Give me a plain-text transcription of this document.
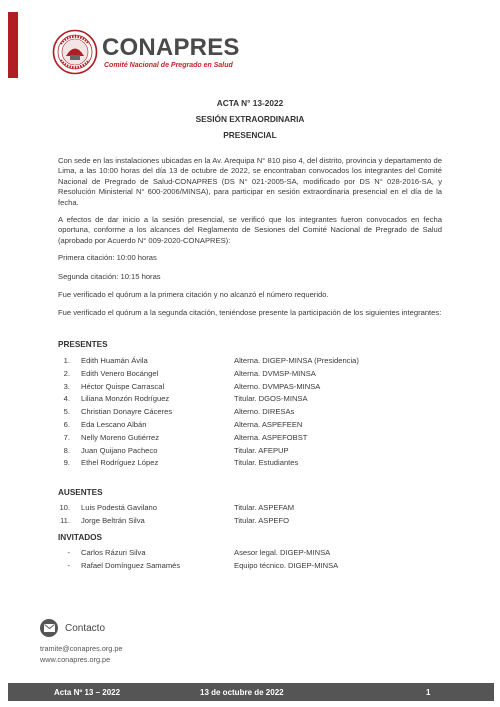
CONAPRES
Comité Nacional de Pregrado en Salud
ACTA N° 13-2022
SESIÓN EXTRAORDINARIA
PRESENCIAL

Con sede en las instalaciones ubicadas en la Av. Arequipa N° 810 piso 4, del distrito, provincia y departamento de Lima, a las 10:00 horas del día 13 de octubre de 2022, se encontraban convocados los integrantes del Comité Nacional de Pregrado de Salud-CONAPRES (DS N° 021-2005-SA, modificado por DS N° 028-2016-SA, y Resolución Ministerial N° 600-2006/MINSA), para participar en sesión extraordinaria presencial en el día de la fecha.

A efectos de dar inicio a la sesión presencial, se verificó que los integrantes fueron convocados en fecha oportuna, conforme a los alcances del Reglamento de Sesiones del Comité Nacional de Pregrado de Salud (aprobado por Acuerdo N° 009-2020-CONAPRES):

Primera citación: 10:00 horas

Segunda citación: 10:15 horas

Fue verificado el quórum a la primera citación y no alcanzó el número requerido.

Fue verificado el quórum a la segunda citación, teniéndose presente la participación de los siguientes integrantes:

PRESENTES
1. Edith Huamán Ávila	Alterna. DIGEP-MINSA (Presidencia)
2. Edith Venero Bocángel	Alterna. DVMSP-MINSA
3. Héctor Quispe Carrascal	Alterno. DVMPAS-MINSA
4. Liliana Monzón Rodríguez	Titular. DGOS-MINSA
5. Christian Donayre Cáceres	Alterno. DIRESAs
6. Eda Lescano Albán	Alterna. ASPEFEEN
7. Nelly Moreno Gutiérrez	Alterna. ASPEFOBST
8. Juan Quijano Pacheco	Titular. AFEPUP
9. Ethel Rodríguez López	Titular. Estudiantes
AUSENTES
10. Luis Podestá Gavilano	Titular. ASPEFAM
11. Jorge Beltrán Silva	Titular. ASPEFO
INVITADOS
- Carlos Rázuri Silva	Asesor legal. DIGEP-MINSA
- Rafael Domínguez Samamés	Equipo técnico. DIGEP-MINSA
Contacto
tramite@conapres.org.pe
www.conapres.org.pe
Acta Nº 13 – 2022	13 de octubre de 2022	1
